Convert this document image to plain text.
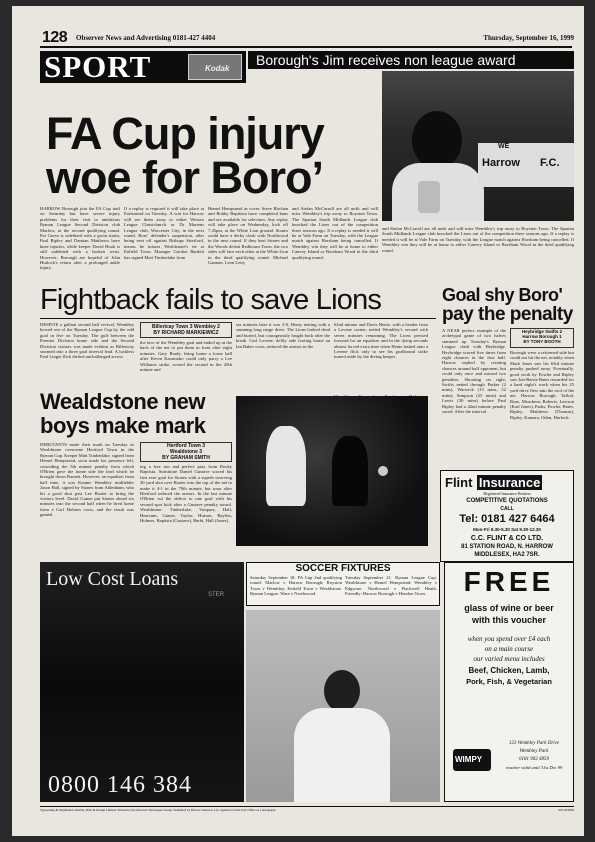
128 Observer News and Advertising 0181-427 4404	Thursday, September 16, 1999
SPORT	Kodak
Borough's Jim receives non league award
WE
Harrow F.C.
FA Cup injury
woe for Boro’
HARROW Borough join the FA Cup trail on Saturday but have severe injury problems for their visit to ambitious Ryman League Second Division club Marlow, in the second qualifying round. Pat Gavin is sidelined with a groin strain, Paul Ripley and Damian Matthews have knee injuries, while keeper David Hook is still sidelined with a broken wrist. However, Borough are hopeful of John Hurlock's return after a prolonged ankle injury.
If a replay is required it will take place at Earlsmead on Tuesday. A win for Harrow will see them away to either Wessex League Christchurch or Dr Martens League club, Worcester City, in the next round. Boro' defender's suspension, after being sent off against Bishops Stortford, means he misses Wealdstone's tie at Enfield Town. Manager Gordon Bartlett has signed Matt Timberlake from
Hemel Hempstead as cover. Steve Birchan and Bobby Bapitista have completed bans and are available for selection. Any replay will take place on Wednesday, kick off 7.45pm, at the White Lion ground. Stones could have a derby clash with Northwood in the next round. If they beat Stones and the Woods defeat Redbourn Town, the two sides will face each other at the White Lion in the third qualifying round. Michael Gannon, Leon Letty
and Stefan McCarroll are all unfit and will miss Wembley's trip away to Royston Town. The Spartan South Midlands League club knocked the Lions out of the competition three seasons ago. If a replay is needed it will be at Vale Farm on Tuesday, with the League match against Horsham being cancelled. If Wembley win they will be at home to either Canvey Island or Boreham Wood in the third qualifying round.
and Stefan McCarroll are all unfit and will miss Wembley's trip away to Royston Town. The Spartan South Midlands League club knocked the Lions out of the competition three seasons ago. If a replay is needed it will be at Vale Farm on Tuesday, with the League match against Horsham being cancelled. If Wembley win they will be at home to either Canvey Island or Boreham Wood in the third qualifying round.
Fightback fails to save Lions
DESPITE a gallant second half revival, Wembley bowed out of the Ryman League Cup by the odd goal in five on Tuesday. The gulf between the Premier Division home side and the Second Division visitors was made evident as Billericay stormed into a three goal interval lead. A luckless Paul Linger flick drifted unchallenged across
Billericay Town 3 Wembley 2
BY RICHARD MARKIEWICZ
the face of the Wembley goal and ended up at the back of the net to put them in front after eight minutes. Gary Brady, firing home a loose ball after Kevin Karamoko could only parry a Lee Williams strike, scored the second in the 20th minute and
six minutes later it was 3-0, Henty netting with a stunning long range drive. The Lions looked dead and buried, but courageously fought back after the break. Carl Levene, deftly side footing home an Ian Baker cross, reduced the arrears in the
62nd minute and Davis Henie, with a header from a Levene corner, netted Wembley's second with seven minutes remaining. The Lions pressed forward for an equaliser and in the dying seconds almost forced extra time when Henie lashed onto a Levene flick only to see his goalbound strike turned aside by the diving keeper.
Goal shy Boro'
pay the penalty
A NEAR perfect example of the archetypal game of two halves summed up Tuesday's Ryman League clash with Heybridge. Heybridge scored five times from eight chances in the first half. Harrow replied by creating chances around half opponent, but could only once and missed two penalties. Shooting on sight, Swifts netted through Parker (2 mins), Warwick (13 mins, 52 mins), Simpson (25 mins) and Lewis (30 mins) before Paul Ripley had a 42nd minute penalty saved. After the interval
Heybridge Swifts 2
Harrow Borough 1
BY TONY BOOTH
Borough were a reformed side but could not hit the net, notably when Mark Jones saw his 63rd minute penalty pushed away. Eventually, good work by Fowler and Ripley saw Jon-Barrie Bates rewarded for a hard night's work when his 25 yard drive flew into the roof of the net. Harrow Borough: Taflod, Rose, Meachem, Roberts, Lawson (Karl Jones), Parks, Fowler, Bates, Ripley, Matthews (Thomas), Ripley, Kamara, Otlen, Hurlock.
Wealdstone new
boys make mark
DEBUTANTS made their mark on Tuesday as Wealdstone overcame Hertford Town in the Ryman Cup. Keeper Matt Timberlake, signed from Hemel Hempstead, soon made his presence felt, conceding the 5th minute penalty from which O'Brien gave the home side the lead which he brought down Barnett. However, an equaliser from half time, it was Kennie Wembley midfielder Jason Hall, signed by Stones from Aldenham, who hit a good shot past Lee Bozier to bring the visitors level. David Gunne put Stones ahead six minutes into the second half when he fired home from a Carl Holmes cross, and the result was gained
Hertford Town 3
Wealdstone 3
BY GRAHAM SMITH
ing a free run and perfect pass from Rocky Baptista. Substitute Daniel Gustave scored his first ever goal for Stones with a superb swerving 30 yard shot over Bozier into the top of the net to make it 4-1 in the 79th minute, but soon after Hertford reduced the arrears. In the last minute O'Brien cut the deficit to one goal with his second spot kick after a Gustave penalty award. Wealdstone: Timberlake, Vasquez, Hall, Hearsum, Gunne, Taylor, Hutson, Bayliss, Holmes, Baptista (Gustave), Barbi, Hall (Jones).
Flint Insurance
Registered Insurance Brokers
COMPETITIVE QUOTATIONS
CALL
Tel: 0181 427 6464
Mon-Fri 9.30-5.30 Sat 9.30-12.30
C.C. FLINT & CO LTD.
81 STATION ROAD, N. HARROW
MIDDLESEX, HA2 7SR.
Low Cost Loans
STER
0800 146 384
SOCCER FIXTURES
Saturday September 18. FA Cup 2nd qualifying round: Marlow v Harrow Borough; Royston Town v Wembley; Enfield Town v Wealdstone. Ryman League: Ware v Northwood.
Tuesday September 21. Ryman League Cup: Wealdstone v Hemel Hempstead; Wembley v Edgware. Northwood v Flackwell Heath. Friendly: Harrow Borough v Hendon Town.	FREE
glass of wine or beer
with this voucher
when you spend over £4 each
on a main course
our varied menu includes
Beef, Chicken, Lamb,
Pork, Fish, & Vegetarian
WIMPY
123 Wembley Park Drive
Wembley Park
0181 902 4859
voucher valid until 31st Dec 99
Typesetting & Origination: Imedia, Print & Design Limited. Printed by the Observer Newspaper Group. Published by Harrow Observer Ltd, registered at the Post Office as a newspaper.	SW16/9/99
